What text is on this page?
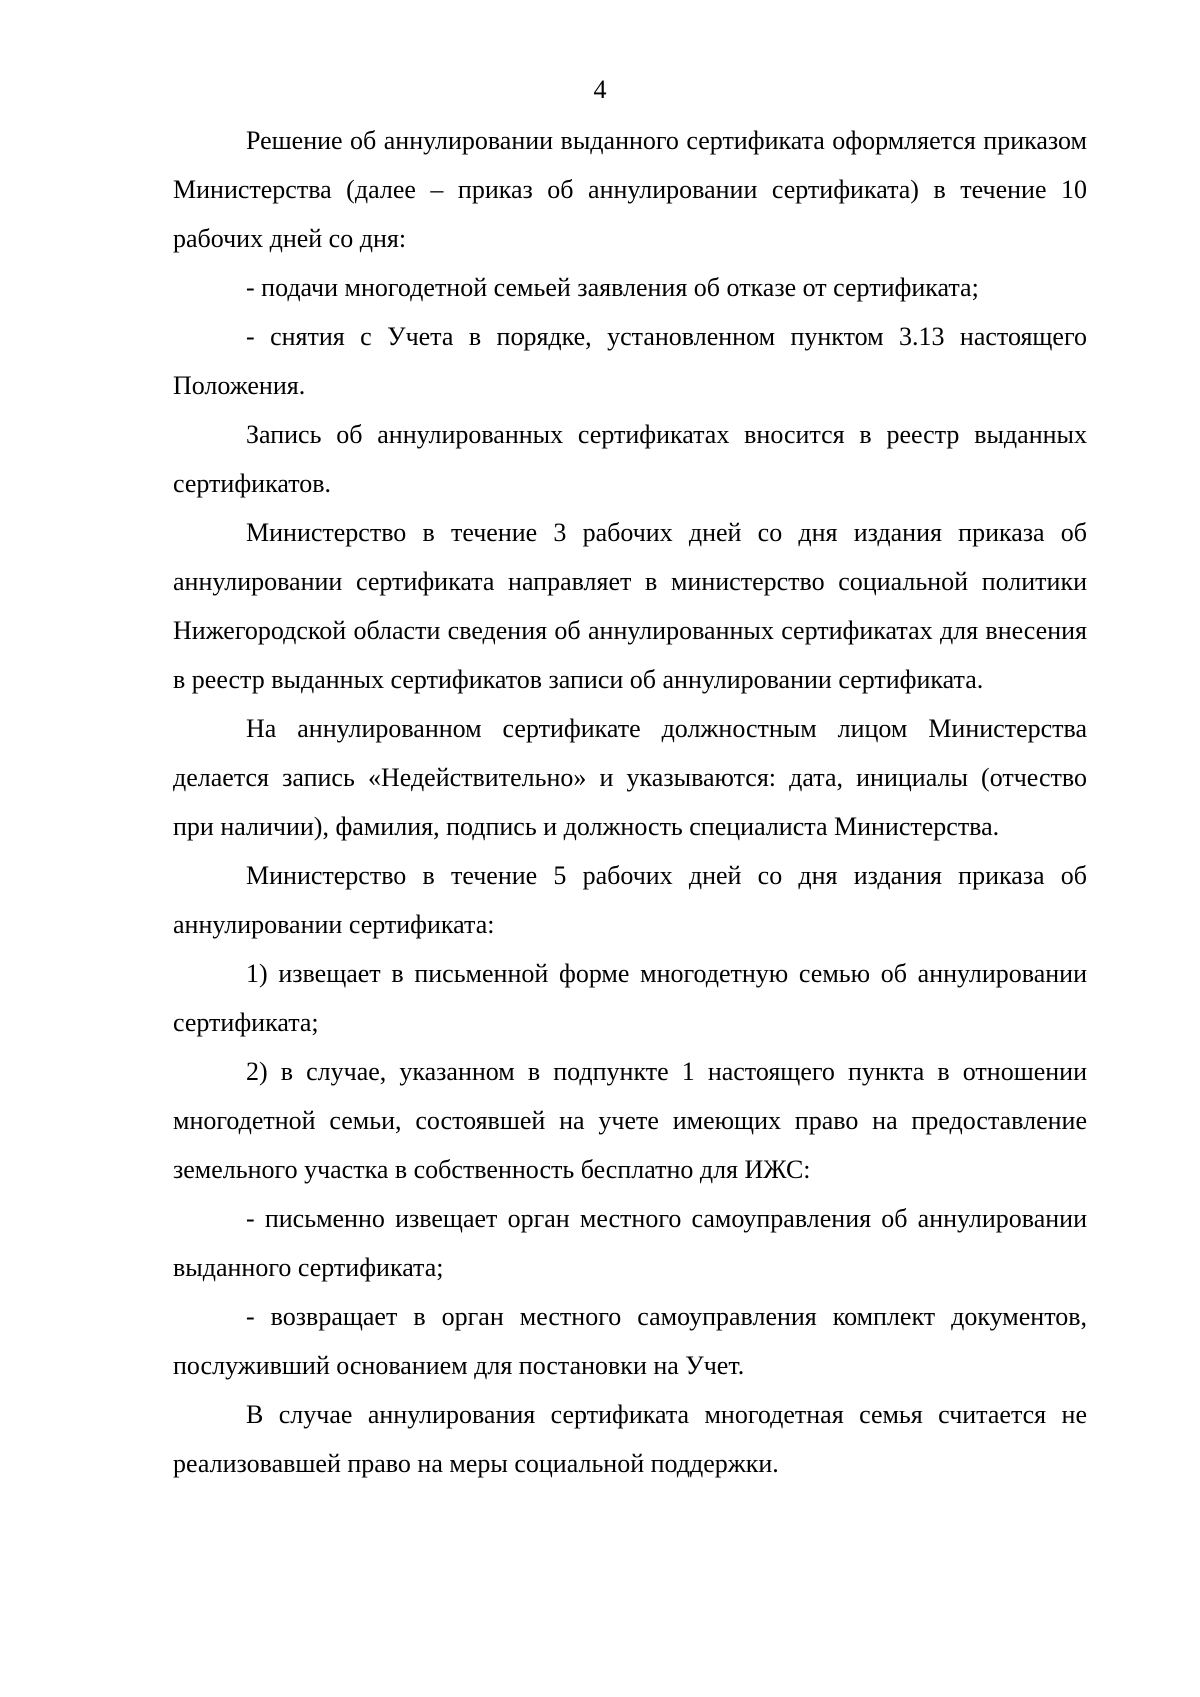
4

Решение об аннулировании выданного сертификата оформляется приказом Министерства (далее – приказ об аннулировании сертификата) в течение 10 рабочих дней со дня:

- подачи многодетной семьей заявления об отказе от сертификата;

- снятия с Учета в порядке, установленном пунктом 3.13 настоящего Положения.

Запись об аннулированных сертификатах вносится в реестр выданных сертификатов.

Министерство в течение 3 рабочих дней со дня издания приказа об аннулировании сертификата направляет в министерство социальной политики Нижегородской области сведения об аннулированных сертификатах для внесения в реестр выданных сертификатов записи об аннулировании сертификата.

На аннулированном сертификате должностным лицом Министерства делается запись «Недействительно» и указываются: дата, инициалы (отчество при наличии), фамилия, подпись и должность специалиста Министерства.

Министерство в течение 5 рабочих дней со дня издания приказа об аннулировании сертификата:

1) извещает в письменной форме многодетную семью об аннулировании сертификата;

2) в случае, указанном в подпункте 1 настоящего пункта в отношении многодетной семьи, состоявшей на учете имеющих право на предоставление земельного участка в собственность бесплатно для ИЖС:

- письменно извещает орган местного самоуправления об аннулировании выданного сертификата;

- возвращает в орган местного самоуправления комплект документов, послуживший основанием для постановки на Учет.

В случае аннулирования сертификата многодетная семья считается не реализовавшей право на меры социальной поддержки.
